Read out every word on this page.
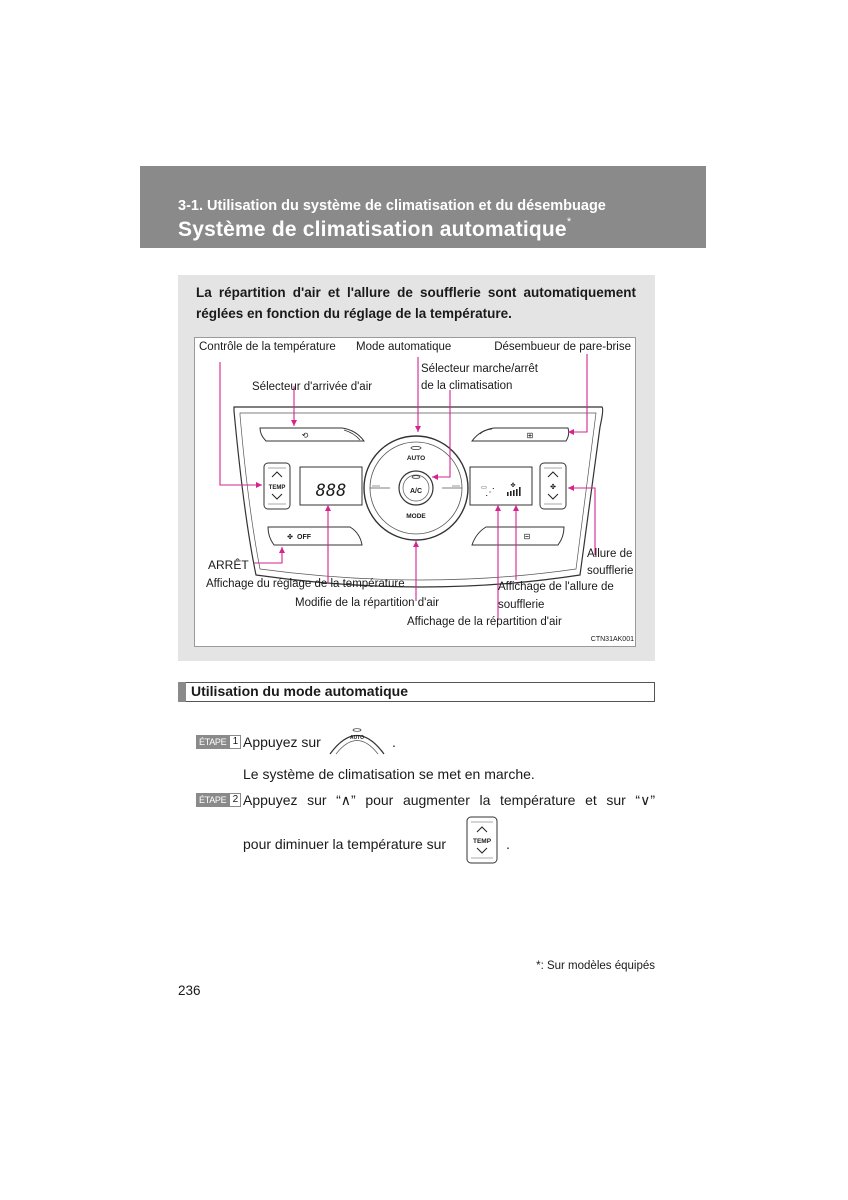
3-1. Utilisation du système de climatisation et du désembuage
Système de climatisation automatique*
La répartition d'air et l'allure de soufflerie sont automatiquement réglées en fonction du réglage de la température.
A/C
AUTO
MODE
⟲	⊞
OFF
✤	⊟
TEMP 888	⋰
▭	✤	✤
Contrôle de la température Mode automatique	Désembueur de pare-brise
Sélecteur d'arrivée d'air
Sélecteur marche/arrêt
de la climatisation
ARRÊT
Affichage du réglage de la température
Modifie de la répartition d'air
Allure de
soufflerie
Affichage de l'allure de
soufflerie
Affichage de la répartition d'air
CTN31AK001
Utilisation du mode automatique
ÉTAPE 1 Appuyez sur	AUTO .
Le système de climatisation se met en marche.
ÉTAPE 2 Appuyez sur “∧” pour augmenter la température et sur “∨”
pour diminuer la température sur	TEMP .
*: Sur modèles équipés
236
